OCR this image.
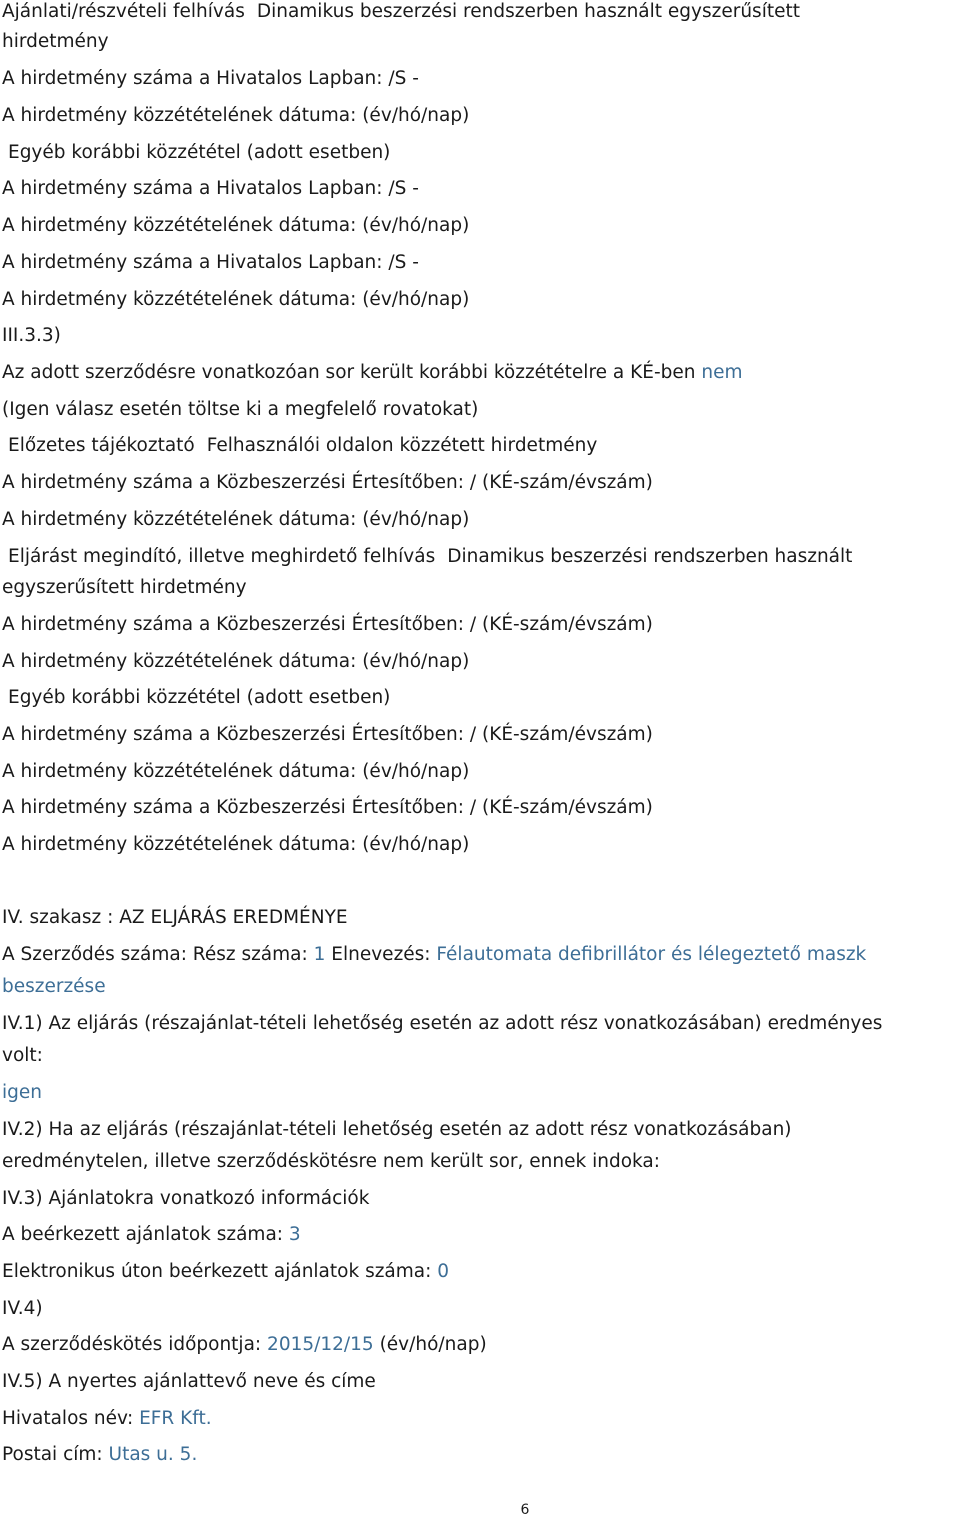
Ajánlati/részvételi felhívás Dinamikus beszerzési rendszerben használt egyszerűsített
hirdetmény
A hirdetmény száma a Hivatalos Lapban: /S -
A hirdetmény közzétételének dátuma: (év/hó/nap)
Egyéb korábbi közzététel (adott esetben)
A hirdetmény száma a Hivatalos Lapban: /S -
A hirdetmény közzétételének dátuma: (év/hó/nap)
A hirdetmény száma a Hivatalos Lapban: /S -
A hirdetmény közzétételének dátuma: (év/hó/nap)
III.3.3)
Az adott szerződésre vonatkozóan sor került korábbi közzétételre a KÉ-ben nem
(Igen válasz esetén töltse ki a megfelelő rovatokat)
Előzetes tájékoztató Felhasználói oldalon közzétett hirdetmény
A hirdetmény száma a Közbeszerzési Értesítőben: / (KÉ-szám/évszám)
A hirdetmény közzétételének dátuma: (év/hó/nap)
Eljárást megindító, illetve meghirdető felhívás Dinamikus beszerzési rendszerben használt
egyszerűsített hirdetmény
A hirdetmény száma a Közbeszerzési Értesítőben: / (KÉ-szám/évszám)
A hirdetmény közzétételének dátuma: (év/hó/nap)
Egyéb korábbi közzététel (adott esetben)
A hirdetmény száma a Közbeszerzési Értesítőben: / (KÉ-szám/évszám)
A hirdetmény közzétételének dátuma: (év/hó/nap)
A hirdetmény száma a Közbeszerzési Értesítőben: / (KÉ-szám/évszám)
A hirdetmény közzétételének dátuma: (év/hó/nap)
IV. szakasz : AZ ELJÁRÁS EREDMÉNYE
A Szerződés száma: Rész száma: 1 Elnevezés: Félautomata defibrillátor és lélegeztető maszk
beszerzése
IV.1) Az eljárás (részajánlat-tételi lehetőség esetén az adott rész vonatkozásában) eredményes
volt:
igen
IV.2) Ha az eljárás (részajánlat-tételi lehetőség esetén az adott rész vonatkozásában)
eredménytelen, illetve szerződéskötésre nem került sor, ennek indoka:
IV.3) Ajánlatokra vonatkozó információk
A beérkezett ajánlatok száma: 3
Elektronikus úton beérkezett ajánlatok száma: 0
IV.4)
A szerződéskötés időpontja: 2015/12/15 (év/hó/nap)
IV.5) A nyertes ajánlattevő neve és címe
Hivatalos név: EFR Kft.
Postai cím: Utas u. 5.
6
